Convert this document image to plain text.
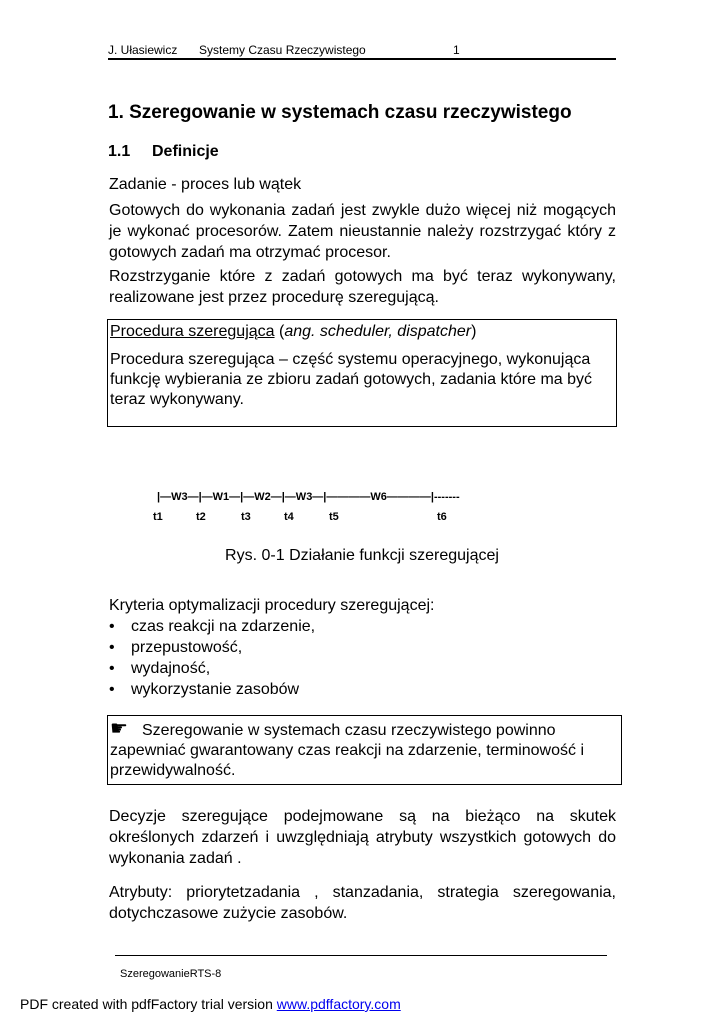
J. Ułasiewicz Systemy Czasu Rzeczywistego	1
1. Szeregowanie w systemach czasu rzeczywistego
1.1 Definicje
Zadanie - proces lub wątek
Gotowych do wykonania zadań jest zwykle dużo więcej niż mogących je wykonać procesorów. Zatem nieustannie należy rozstrzygać który z gotowych zadań ma otrzymać procesor.
Rozstrzyganie które z zadań gotowych ma być teraz wykonywany, realizowane jest przez procedurę szeregującą.
Procedura szeregująca (ang. scheduler, dispatcher)
Procedura szeregująca – część systemu operacyjnego, wykonująca funkcję wybierania ze zbioru zadań gotowych, zadania które ma być teraz wykonywany.
|—W3—|—W1—|—W2—|—W3—|————W6————|-------
t1	t2	t3	t4	t5	t6
Rys. 0-1 Działanie funkcji szeregującej
Kryteria optymalizacji procedury szeregującej:
• czas reakcji na zdarzenie,
• przepustowość,
• wydajność,
• wykorzystanie zasobów
☛ Szeregowanie w systemach czasu rzeczywistego powinno zapewniać gwarantowany czas reakcji na zdarzenie, terminowość i przewidywalność.
Decyzje szeregujące podejmowane są na bieżąco na skutek określonych zdarzeń i uwzględniają atrybuty wszystkich gotowych do wykonania zadań .
Atrybuty: priorytetzadania , stanzadania, strategia szeregowania, dotychczasowe zużycie zasobów.
SzeregowanieRTS-8
PDF created with pdfFactory trial version www.pdffactory.com
